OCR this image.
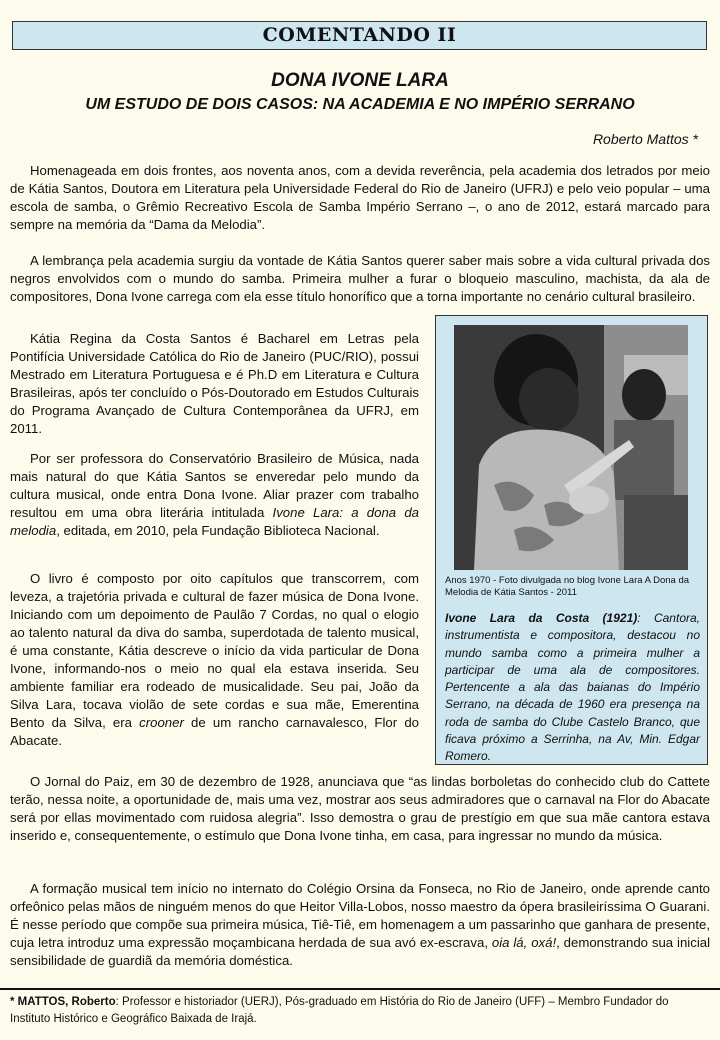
COMENTANDO II
DONA IVONE LARA
UM ESTUDO DE DOIS CASOS: NA ACADEMIA E NO IMPÉRIO SERRANO
Roberto Mattos *

Homenageada em dois frontes, aos noventa anos, com a devida reverência, pela academia dos letrados por meio de Kátia Santos, Doutora em Literatura pela Universidade Federal do Rio de Janeiro (UFRJ) e pelo veio popular – uma escola de samba, o Grêmio Recreativo Escola de Samba Império Serrano –, o ano de 2012, estará marcado para sempre na memória da “Dama da Melodia”.

A lembrança pela academia surgiu da vontade de Kátia Santos querer saber mais sobre a vida cultural privada dos negros envolvidos com o mundo do samba. Primeira mulher a furar o bloqueio masculino, machista, da ala de compositores, Dona Ivone carrega com ela esse título honorífico que a torna importante no cenário cultural brasileiro.

Kátia Regina da Costa Santos é Bacharel em Letras pela Pontifícia Universidade Católica do Rio de Janeiro (PUC/RIO), possui Mestrado em Literatura Portuguesa e é Ph.D em Literatura e Cultura Brasileiras, após ter concluído o Pós-Doutorado em Estudos Culturais do Programa Avançado de Cultura Contemporânea da UFRJ, em 2011.

Por ser professora do Conservatório Brasileiro de Música, nada mais natural do que Kátia Santos se enveredar pelo mundo da cultura musical, onde entra Dona Ivone. Aliar prazer com trabalho resultou em uma obra literária intitulada Ivone Lara: a dona da melodia, editada, em 2010, pela Fundação Biblioteca Nacional.

O livro é composto por oito capítulos que transcorrem, com leveza, a trajetória privada e cultural de fazer música de Dona Ivone. Iniciando com um depoimento de Paulão 7 Cordas, no qual o elogio ao talento natural da diva do samba, superdotada de talento musical, é uma constante, Kátia descreve o início da vida particular de Dona Ivone, informando-nos o meio no qual ela estava inserida. Seu ambiente familiar era rodeado de musicalidade. Seu pai, João da Silva Lara, tocava violão de sete cordas e sua mãe, Emerentina Bento da Silva, era crooner de um rancho carnavalesco, Flor do Abacate.

Anos 1970 - Foto divulgada no blog Ivone Lara A Dona da Melodia de Kátia Santos - 2011
Ivone Lara da Costa (1921): Cantora, instrumentista e compositora, destacou no mundo samba como a primeira mulher a participar de uma ala de compositores. Pertencente a ala das baianas do Império Serrano, na década de 1960 era presença na roda de samba do Clube Castelo Branco, que ficava próximo a Serrinha, na Av, Min. Edgar Romero.

O Jornal do Paiz, em 30 de dezembro de 1928, anunciava que “as lindas borboletas do conhecido club do Cattete terão, nessa noite, a oportunidade de, mais uma vez, mostrar aos seus admiradores que o carnaval na Flor do Abacate será por ellas movimentado com ruidosa alegria”. Isso demostra o grau de prestígio em que sua mãe cantora estava inserido e, consequentemente, o estímulo que Dona Ivone tinha, em casa, para ingressar no mundo da música.

A formação musical tem início no internato do Colégio Orsina da Fonseca, no Rio de Janeiro, onde aprende canto orfeônico pelas mãos de ninguém menos do que Heitor Villa-Lobos, nosso maestro da ópera brasileiríssima O Guarani. É nesse período que compõe sua primeira música, Tiê-Tiê, em homenagem a um passarinho que ganhara de presente, cuja letra introduz uma expressão moçambicana herdada de sua avó ex-escrava, oia lá, oxá!, demonstrando sua inicial sensibilidade de guardiã da memória doméstica.

* MATTOS, Roberto: Professor e historiador (UERJ), Pós-graduado em História do Rio de Janeiro (UFF) – Membro Fundador do Instituto Histórico e Geográfico Baixada de Irajá.
